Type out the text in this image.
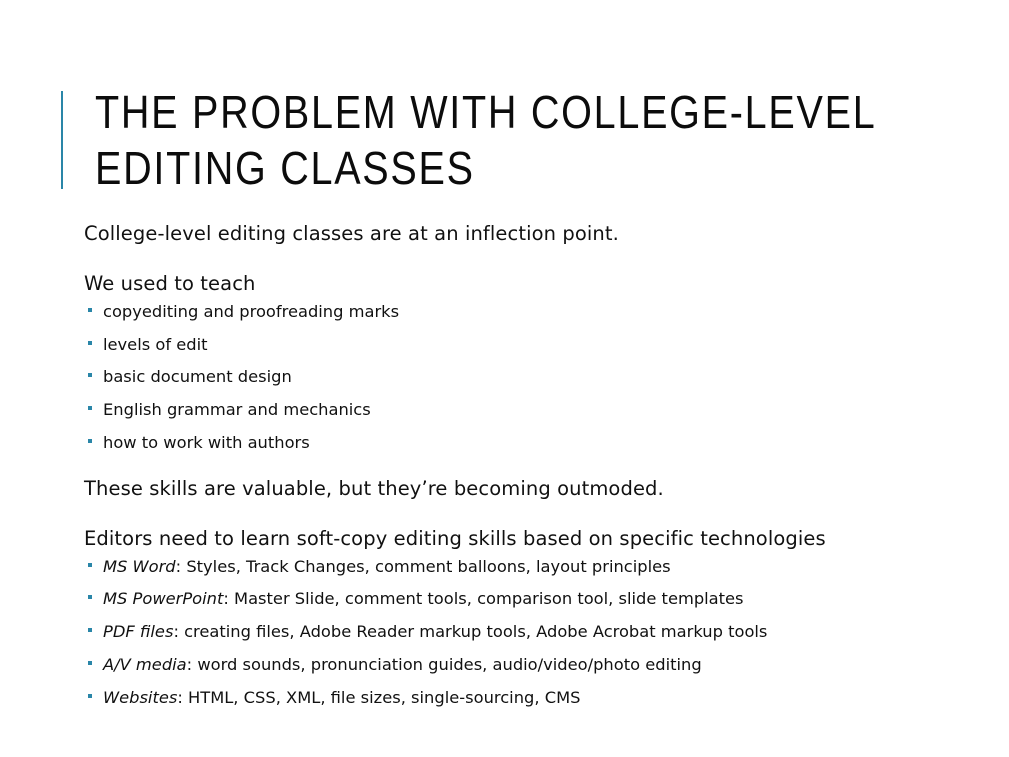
THE PROBLEM WITH COLLEGE-LEVEL
EDITING CLASSES

College-level editing classes are at an inflection point.

We used to teach

copyediting and proofreading marks
levels of edit
basic document design
English grammar and mechanics
how to work with authors

These skills are valuable, but they’re becoming outmoded.

Editors need to learn soft-copy editing skills based on specific technologies

MS Word: Styles, Track Changes, comment balloons, layout principles
MS PowerPoint: Master Slide, comment tools, comparison tool, slide templates
PDF files: creating files, Adobe Reader markup tools, Adobe Acrobat markup tools
A/V media: word sounds, pronunciation guides, audio/video/photo editing
Websites: HTML, CSS, XML, file sizes, single-sourcing, CMS
